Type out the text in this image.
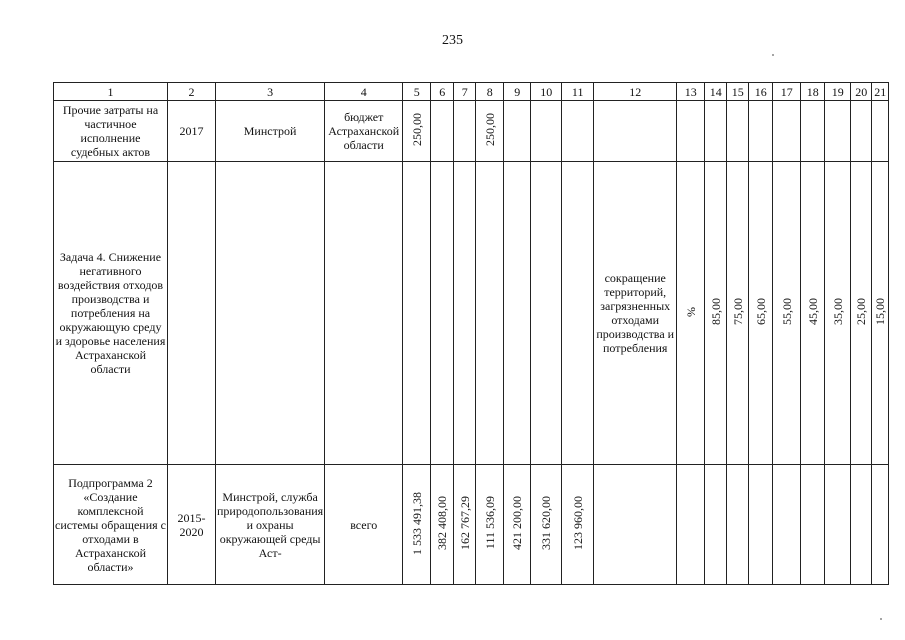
235
1	2	3	4	5	6	7	8	9	10	11	12	13	14	15	16	17	18	19	20	21
Прочие затраты на частичное исполнение судебных актов	2017	Минстрой	бюджет Астраханской области	250,00			250,00													
Задача 4. Снижение негативного воздействия отходов производства и потребления на окружающую среду и здоровье населения Астраханской области											сокращение территорий, загрязненных отходами производства и потребления	%	85,00	75,00	65,00	55,00	45,00	35,00	25,00	15,00
Подпрограмма 2 «Создание комплексной системы обращения с отходами в Астраханской области»	2015-2020	Минстрой, служба природопользования и охраны окружающей среды Аст-	всего	1 533 491,38	382 408,00	162 767,29	111 536,09	421 200,00	331 620,00	123 960,00										
